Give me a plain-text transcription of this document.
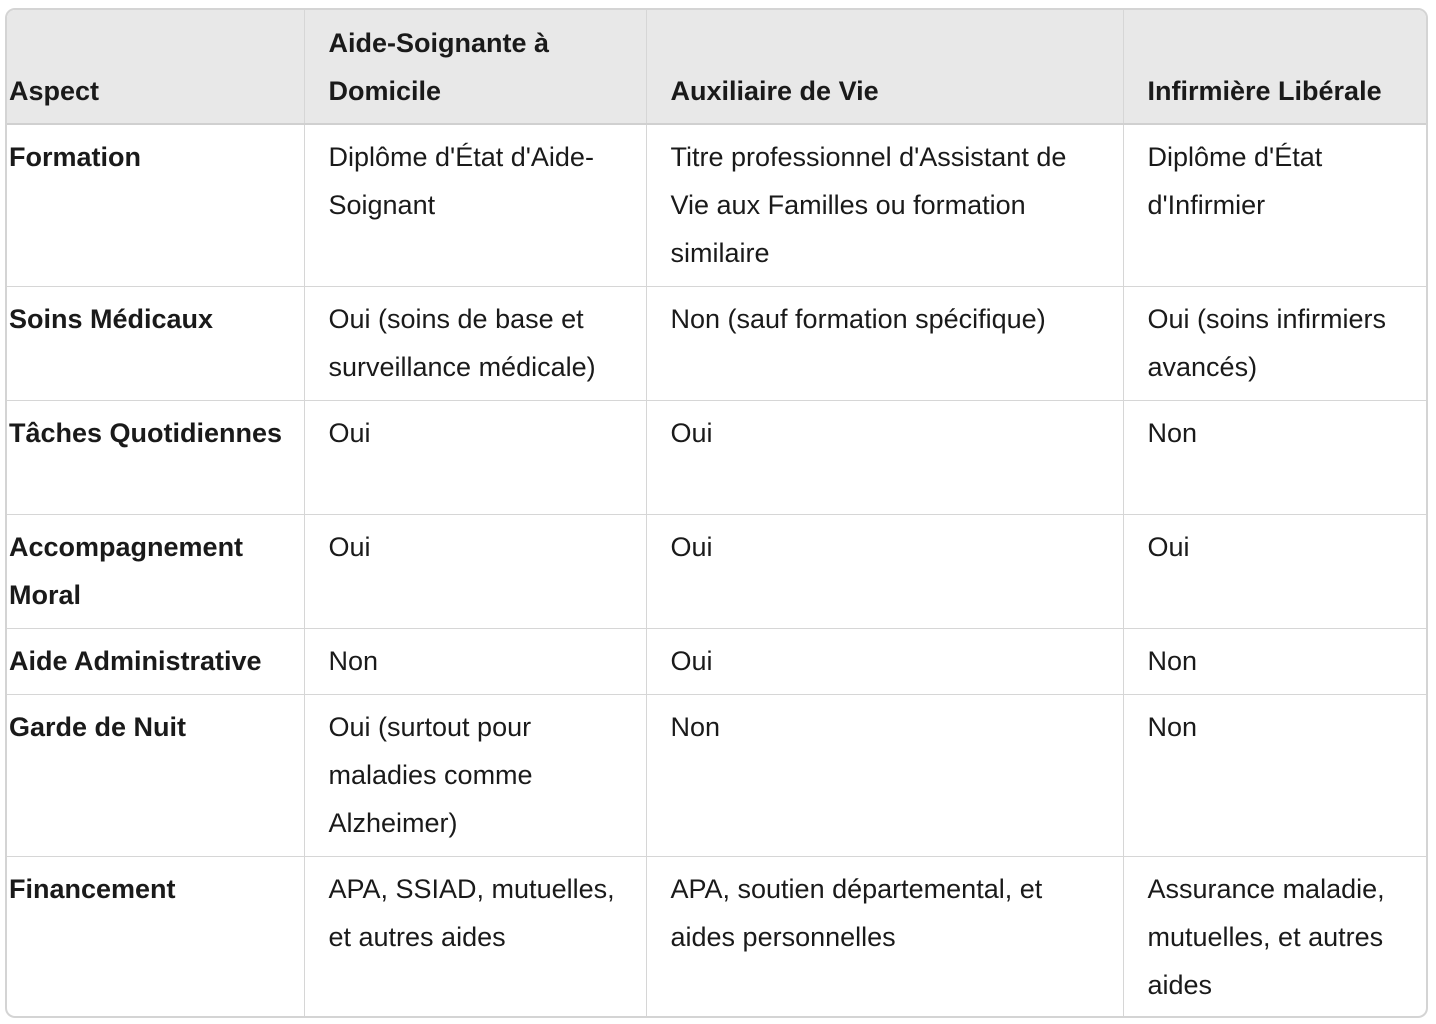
Aspect	Aide-Soignante à Domicile	Auxiliaire de Vie	Infirmière Libérale
Formation	Diplôme d'État d'Aide-Soignant	Titre professionnel d'Assistant de Vie aux Familles ou formation similaire	Diplôme d'État d'Infirmier
Soins Médicaux	Oui (soins de base et surveillance médicale)	Non (sauf formation spécifique)	Oui (soins infirmiers avancés)
Tâches Quotidiennes	Oui	Oui	Non
Accompagnement Moral	Oui	Oui	Oui
Aide Administrative	Non	Oui	Non
Garde de Nuit	Oui (surtout pour maladies comme Alzheimer)	Non	Non
Financement	APA, SSIAD, mutuelles, et autres aides	APA, soutien départemental, et aides personnelles	Assurance maladie, mutuelles, et autres aides
